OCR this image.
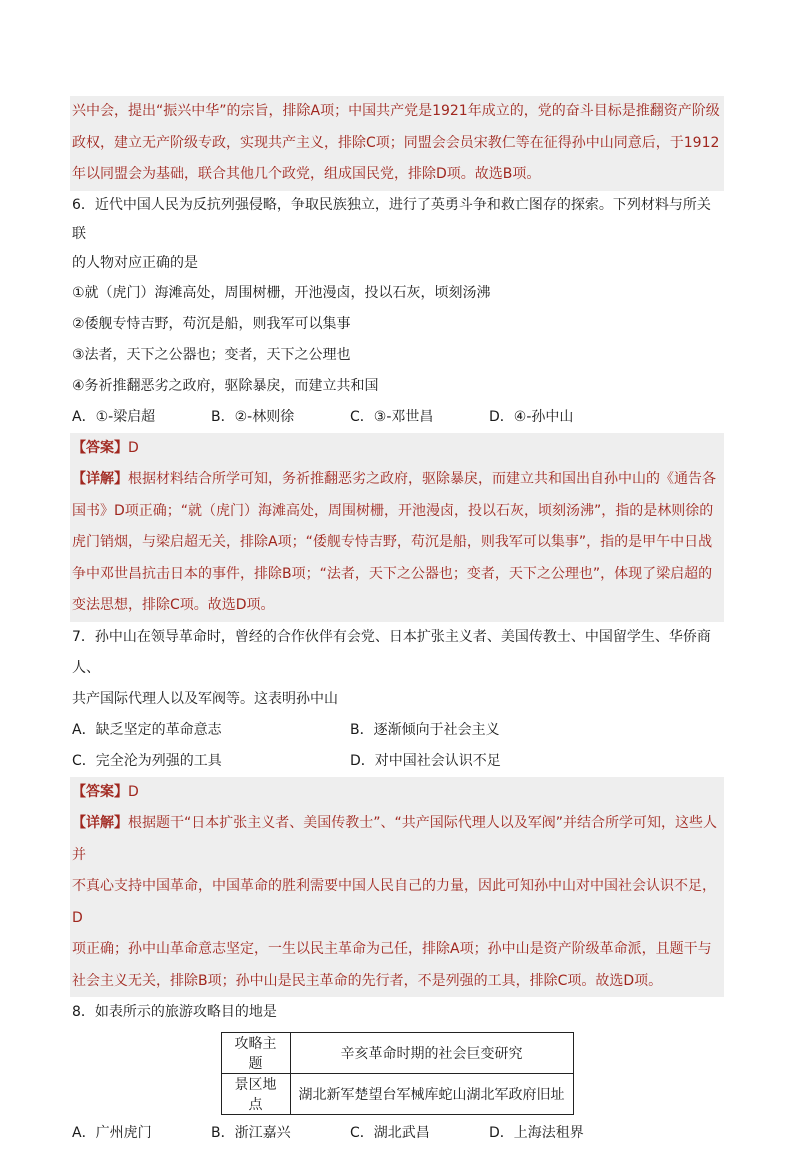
兴中会，提出“振兴中华”的宗旨，排除A项；中国共产党是1921年成立的，党的奋斗目标是推翻资产阶级
政权，建立无产阶级专政，实现共产主义，排除C项；同盟会会员宋教仁等在征得孙中山同意后，于1912
年以同盟会为基础，联合其他几个政党，组成国民党，排除D项。故选B项。
6．近代中国人民为反抗列强侵略，争取民族独立，进行了英勇斗争和救亡图存的探索。下列材料与所关联
的人物对应正确的是
①就（虎门）海滩高处，周围树栅，开池漫卤，投以石灰，顷刻汤沸
②倭舰专恃吉野，苟沉是船，则我军可以集事
③法者，天下之公器也；变者，天下之公理也
④务祈推翻恶劣之政府，驱除暴戾，而建立共和国
A．①-梁启超	B．②-林则徐	C．③-邓世昌	D．④-孙中山
【答案】D
【详解】根据材料结合所学可知，务祈推翻恶劣之政府，驱除暴戾，而建立共和国出自孙中山的《通告各
国书》D项正确；“就（虎门）海滩高处，周围树栅，开池漫卤，投以石灰，顷刻汤沸”，指的是林则徐的
虎门销烟，与梁启超无关，排除A项；“倭舰专恃吉野，苟沉是船，则我军可以集事”，指的是甲午中日战
争中邓世昌抗击日本的事件，排除B项；“法者，天下之公器也；变者，天下之公理也”，体现了梁启超的
变法思想，排除C项。故选D项。
7．孙中山在领导革命时，曾经的合作伙伴有会党、日本扩张主义者、美国传教士、中国留学生、华侨商人、
共产国际代理人以及军阀等。这表明孙中山
A．缺乏坚定的革命意志	B．逐渐倾向于社会主义
C．完全沦为列强的工具	D．对中国社会认识不足
【答案】D
【详解】根据题干“日本扩张主义者、美国传教士”、“共产国际代理人以及军阀”并结合所学可知，这些人并
不真心支持中国革命，中国革命的胜利需要中国人民自己的力量，因此可知孙中山对中国社会认识不足，D
项正确；孙中山革命意志坚定，一生以民主革命为己任，排除A项；孙中山是资产阶级革命派，且题干与
社会主义无关，排除B项；孙中山是民主革命的先行者，不是列强的工具，排除C项。故选D项。
8．如表所示的旅游攻略目的地是
攻略主题	辛亥革命时期的社会巨变研究
景区地点	湖北新军楚望台军械库蛇山湖北军政府旧址
A．广州虎门	B．浙江嘉兴	C．湖北武昌	D．上海法租界
